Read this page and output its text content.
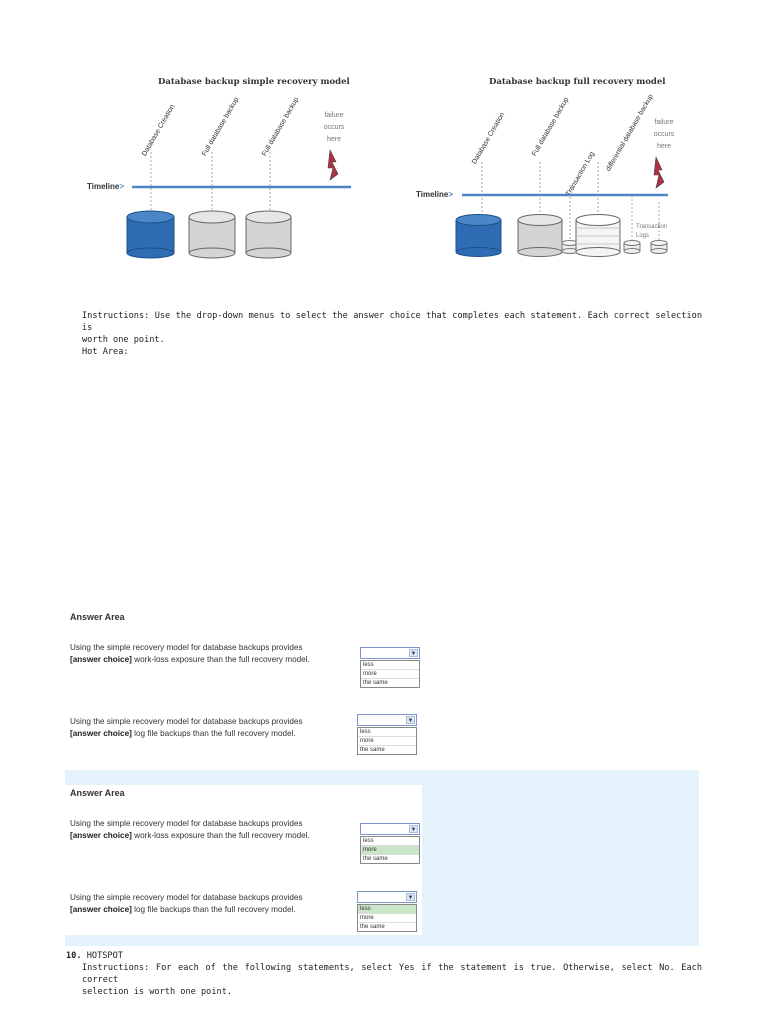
Database backup simple recovery model
Database Creation	Full database backup	Full database backup	failure
occurs
here
Timeline>
Database backup full recovery model
Database Creation	Full database backup
Transaction Log
differential database backup failure
occurs
here
Timeline>
Transaction Logs
Instructions: Use the drop-down menus to select the answer choice that completes each statement. Each correct selection is
worth one point.
Hot Area:
Answer Area
Using the simple recovery model for database backups provides
[answer choice] work-loss exposure than the full recovery model.
▼
less
more
the same
Using the simple recovery model for database backups provides
[answer choice] log file backups than the full recovery model.
▼
less
more
the same
Answer Area
Using the simple recovery model for database backups provides
[answer choice] work-loss exposure than the full recovery model.
▼
less
more
the same
Using the simple recovery model for database backups provides
[answer choice] log file backups than the full recovery model.
▼
less
more
the same
10. HOTSPOT
Instructions: For each of the following statements, select Yes if the statement is true. Otherwise, select No. Each correct
selection is worth one point.
